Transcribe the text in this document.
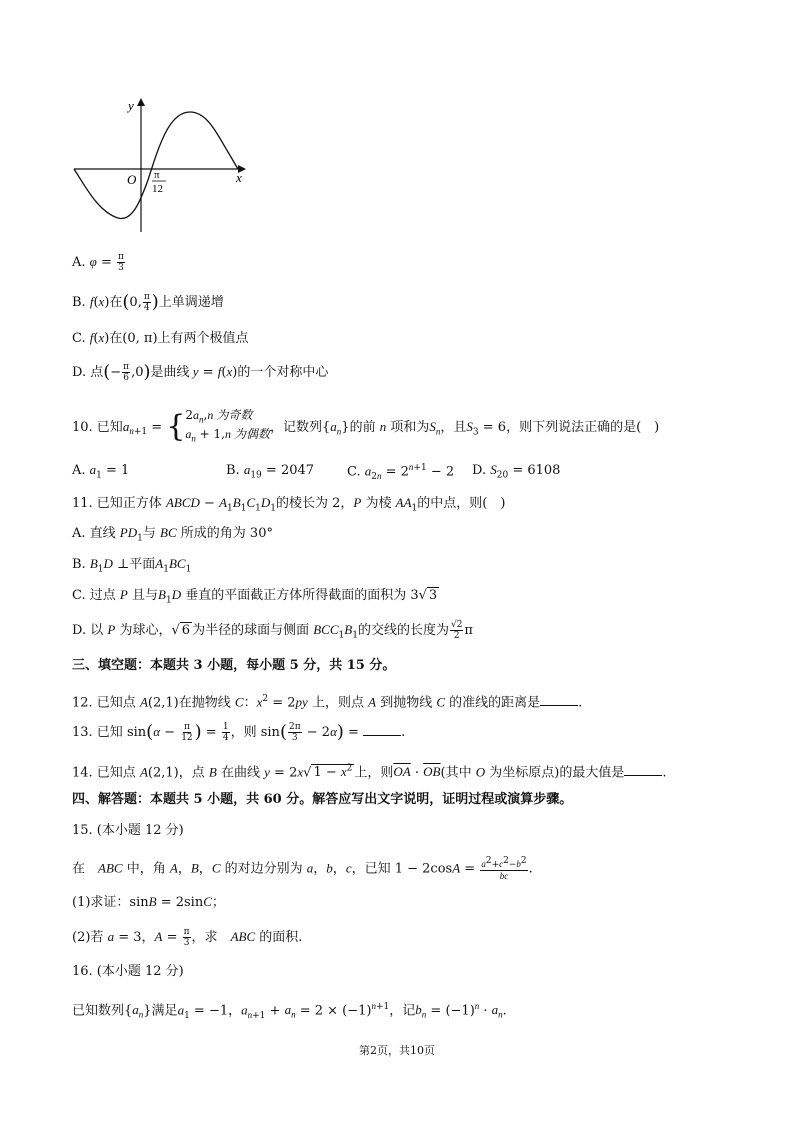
y
x
O π
12
A. $\varphi = \frac{\pi}{3}$
B. f(x)在(0, $\frac{\pi}{4}$ )上单调递增
C. f(x)在(0, π)上有两个极值点
D. 点(− $\frac{\pi}{6} ,0$)是曲线 y = f(x)的一个对称中心
10. 已知$a_{n+1}$ = { $2a_n,n$ 为奇数
$a_n + 1,n$ 为偶数 ，记数列$\{a_n\}$的前 n 项和为$S_n$，且$S_3 = 6$，则下列说法正确的是(　)
A. $a_1 = 1$	B. $a_{19} = 2047$	C. $a_{2n} = 2^{n+1} - 2$ D. $S_{20} = 6108$
11. 已知正方体 ABCD − $A_1B_1C_1D_1$的棱长为 2，P 为棱 $AA_1$的中点，则(　)
A. 直线 $PD_1$与 BC 所成的角为 30°
B. $B_1D$ ⊥平面$A_1BC_1$
C. 过点 P 且与$B_1D$ 垂直的平面截正方体所得截面的面积为 3√ 3
D. 以 P 为球心，√ 6 为半径的球面与侧面 $BCC_1B_1$的交线的长度为 $\frac{√2}{2}$ π
三、填空题：本题共 3 小题，每小题 5 分，共 15 分。
12. 已知点 A(2,1)在抛物线 C：$x^2 = 2py$ 上，则点 A 到抛物线 C 的准线的距离是	.
13. 已知 $\sin(\alpha - \frac{\pi}{12}$ ) = $\frac{1}{4}$ ，则 $\sin( \frac{2\pi}{3} - 2\alpha)$ =	.
14. 已知点 A(2,1)，点 B 在曲线 y = 2x√ $1 - x^2$ 上，则$\overline{OA} \cdot \overline{OB}$(其中 O 为坐标原点)的最大值是	.
四、解答题：本题共 5 小题，共 60 分。解答应写出文字说明，证明过程或演算步骤。
15. (本小题 12 分)
在　ABC 中，角 A，B，C 的对边分别为 a，b，c，已知 $1 - 2\cos A = \frac{a^2+c^2-b^2}{bc}$ .
(1)求证：sinB = 2sinC；
(2)若 a = 3，$A = \frac{\pi}{3}$ ，求　ABC 的面积.
16. (本小题 12 分)
已知数列$\{a_n\}$满足$a_1 = -1$，$a_{n+1} + a_n = 2 \times (-1)^{n+1}$，记$b_n = (-1)^n \cdot a_n$.
第2页，共10页
